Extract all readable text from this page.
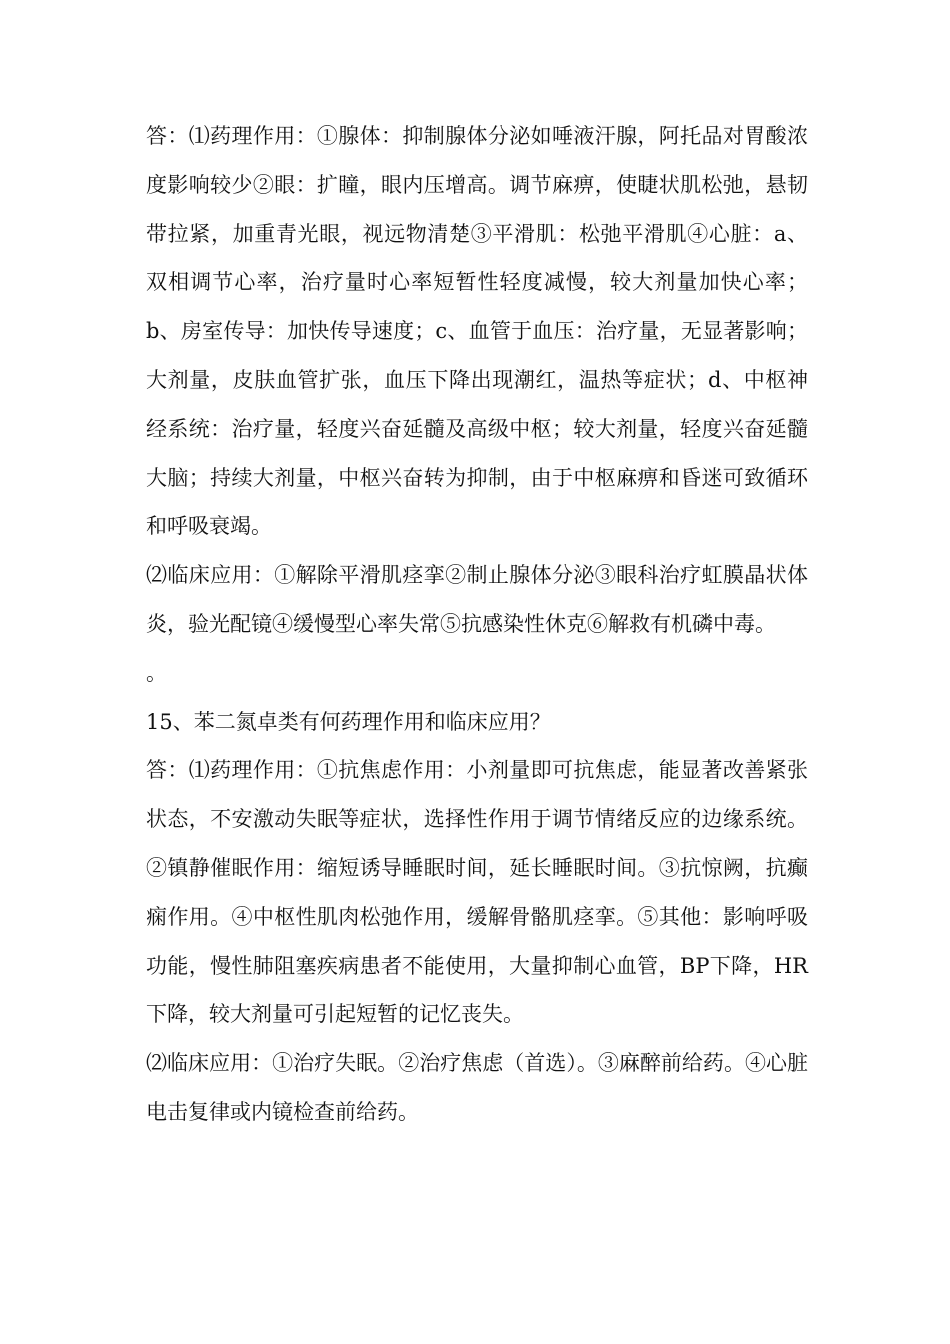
答：⑴药理作用：①腺体：抑制腺体分泌如唾液汗腺，阿托品对胃酸浓度影响较少②眼：扩瞳，眼内压增高。调节麻痹，使睫状肌松弛，悬韧带拉紧，加重青光眼，视远物清楚③平滑肌：松弛平滑肌④心脏：a、双相调节心率，治疗量时心率短暂性轻度减慢，较大剂量加快心率；b、房室传导：加快传导速度；c、血管于血压：治疗量，无显著影响；大剂量，皮肤血管扩张，血压下降出现潮红，温热等症状；d、中枢神经系统：治疗量，轻度兴奋延髓及高级中枢；较大剂量，轻度兴奋延髓大脑；持续大剂量，中枢兴奋转为抑制，由于中枢麻痹和昏迷可致循环和呼吸衰竭。

⑵临床应用：①解除平滑肌痉挛②制止腺体分泌③眼科治疗虹膜晶状体炎，验光配镜④缓慢型心率失常⑤抗感染性休克⑥解救有机磷中毒。

。

15、苯二氮卓类有何药理作用和临床应用？

答：⑴药理作用：①抗焦虑作用：小剂量即可抗焦虑，能显著改善紧张状态，不安激动失眠等症状，选择性作用于调节情绪反应的边缘系统。②镇静催眠作用：缩短诱导睡眠时间，延长睡眠时间。③抗惊阙，抗癫痫作用。④中枢性肌肉松弛作用，缓解骨骼肌痉挛。⑤其他：影响呼吸功能，慢性肺阻塞疾病患者不能使用，大量抑制心血管，BP下降，HR 下降，较大剂量可引起短暂的记忆丧失。

⑵临床应用：①治疗失眠。②治疗焦虑（首选）。③麻醉前给药。④心脏电击复律或内镜检查前给药。
